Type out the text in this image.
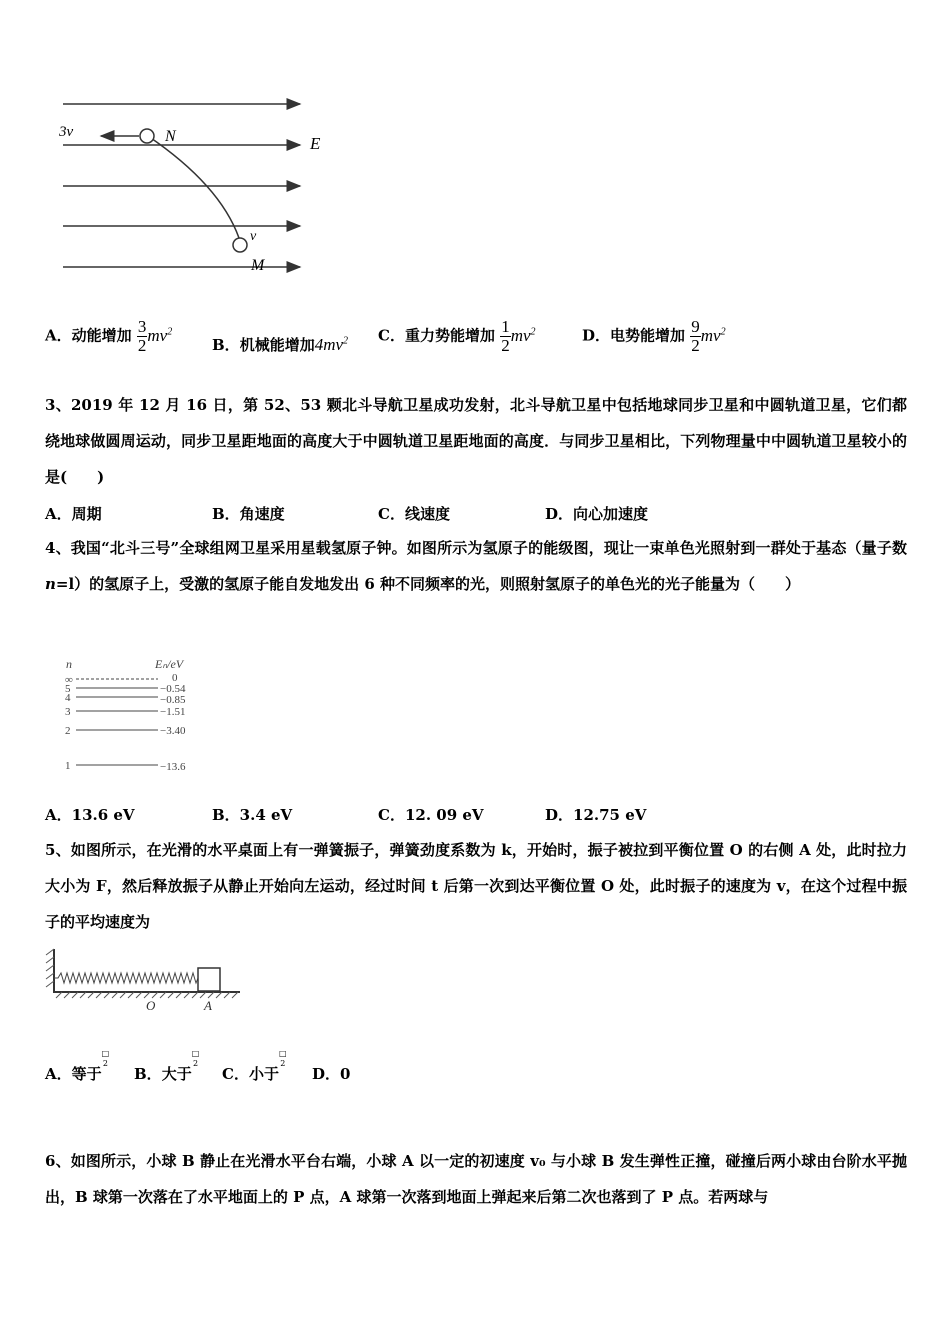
3v	N	E
v
M
A．动能增加 $\frac{3}{2} mv^2$
B．机械能增加$4mv^2$ C．重力势能增加 $\frac{1}{2} mv^2$	D．电势能增加 $\frac{9}{2} mv^2$
3、2019 年 12 月 16 日，第 52、53 颗北斗导航卫星成功发射，北斗导航卫星中包括地球同步卫星和中圆轨道卫星，它们都绕地球做圆周运动，同步卫星距地面的高度大于中圆轨道卫星距地面的高度．与同步卫星相比，下列物理量中中圆轨道卫星较小的是(　　)
A．周期	B．角速度	C．线速度	D．向心加速度
4、我国“北斗三号”全球组网卫星采用星载氢原子钟。如图所示为氢原子的能级图，现让一束单色光照射到一群处于基态（量子数 n=l）的氢原子上，受激的氢原子能自发地发出 6 种不同频率的光，则照射氢原子的单色光的光子能量为（　　）
n	Eₙ/eV
∞	0
5	−0.54
4	−0.85
3	−1.51
2	−3.40
1	−13.6
A．13.6 eV	B．3.4 eV	C．12. 09 eV	D．12.75 eV
5、如图所示，在光滑的水平桌面上有一弹簧振子，弹簧劲度系数为 k，开始时，振子被拉到平衡位置 O 的右侧 A 处，此时拉力大小为 F，然后释放振子从静止开始向左运动，经过时间 t 后第一次到达平衡位置 O 处，此时振子的速度为 v，在这个过程中振子的平均速度为
O	A
A．等于
□
2
B．大于
□
2
C．小于
□
2
D．0
6、如图所示，小球 B 静止在光滑水平台右端，小球 A 以一定的初速度 v₀ 与小球 B 发生弹性正撞，碰撞后两小球由台阶水平抛出，B 球第一次落在了水平地面上的 P 点，A 球第一次落到地面上弹起来后第二次也落到了 P 点。若两球与
